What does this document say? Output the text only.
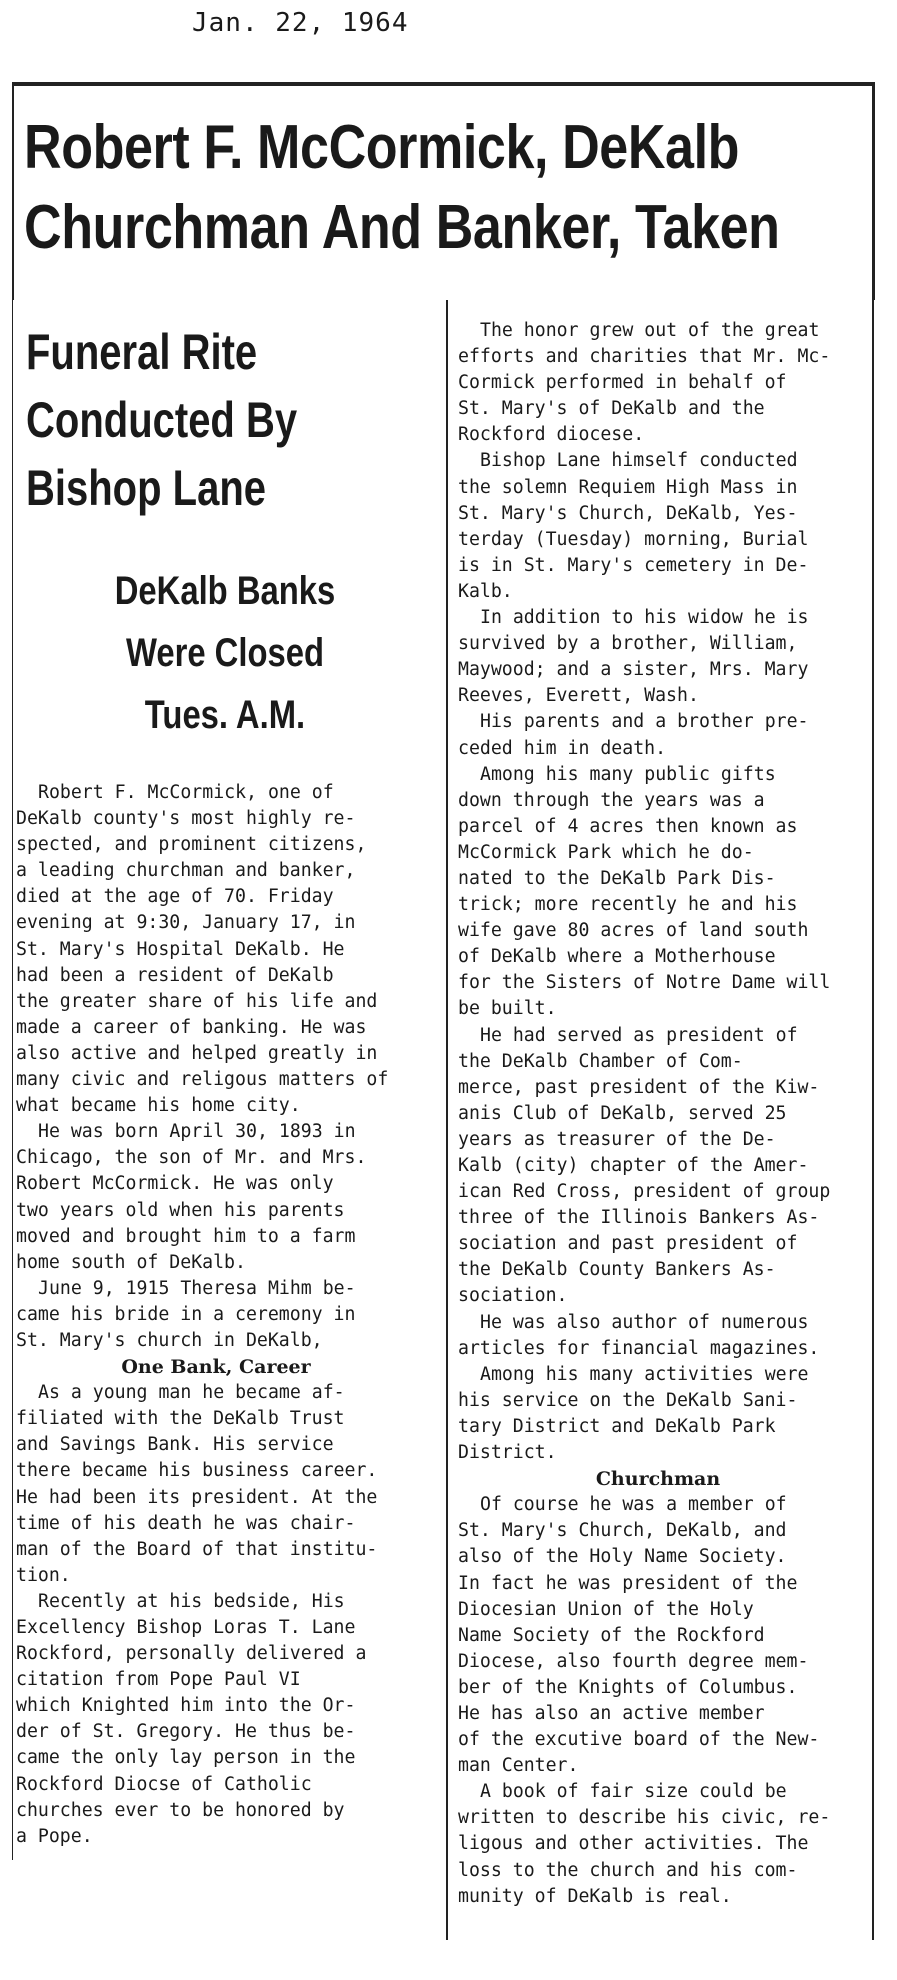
Jan. 22, 1964
Robert F. McCormick, DeKalb
Churchman And Banker, Taken
Funeral Rite
Conducted By
Bishop Lane
DeKalb Banks
Were Closed
Tues. A.M.
Robert F. McCormick, one of
DeKalb county's most highly re-
spected, and prominent citizens,
a leading churchman and banker,
died at the age of 70. Friday
evening at 9:30, January 17, in
St. Mary's Hospital DeKalb. He
had been a resident of DeKalb
the greater share of his life and
made a career of banking. He was
also active and helped greatly in
many civic and religous matters of
what became his home city.
He was born April 30, 1893 in
Chicago, the son of Mr. and Mrs.
Robert McCormick. He was only
two years old when his parents
moved and brought him to a farm
home south of DeKalb.
June 9, 1915 Theresa Mihm be-
came his bride in a ceremony in
St. Mary's church in DeKalb,
One Bank, Career
As a young man he became af-
filiated with the DeKalb Trust
and Savings Bank. His service
there became his business career.
He had been its president. At the
time of his death he was chair-
man of the Board of that institu-
tion.
Recently at his bedside, His
Excellency Bishop Loras T. Lane
Rockford, personally delivered a
citation from Pope Paul VI
which Knighted him into the Or-
der of St. Gregory. He thus be-
came the only lay person in the
Rockford Diocse of Catholic
churches ever to be honored by
a Pope.
The honor grew out of the great
efforts and charities that Mr. Mc-
Cormick performed in behalf of
St. Mary's of DeKalb and the
Rockford diocese.
Bishop Lane himself conducted
the solemn Requiem High Mass in
St. Mary's Church, DeKalb, Yes-
terday (Tuesday) morning, Burial
is in St. Mary's cemetery in De-
Kalb.
In addition to his widow he is
survived by a brother, William,
Maywood; and a sister, Mrs. Mary
Reeves, Everett, Wash.
His parents and a brother pre-
ceded him in death.
Among his many public gifts
down through the years was a
parcel of 4 acres then known as
McCormick Park which he do-
nated to the DeKalb Park Dis-
trick; more recently he and his
wife gave 80 acres of land south
of DeKalb where a Motherhouse
for the Sisters of Notre Dame will
be built.
He had served as president of
the DeKalb Chamber of Com-
merce, past president of the Kiw-
anis Club of DeKalb, served 25
years as treasurer of the De-
Kalb (city) chapter of the Amer-
ican Red Cross, president of group
three of the Illinois Bankers As-
sociation and past president of
the DeKalb County Bankers As-
sociation.
He was also author of numerous
articles for financial magazines.
Among his many activities were
his service on the DeKalb Sani-
tary District and DeKalb Park
District.
Churchman
Of course he was a member of
St. Mary's Church, DeKalb, and
also of the Holy Name Society.
In fact he was president of the
Diocesian Union of the Holy
Name Society of the Rockford
Diocese, also fourth degree mem-
ber of the Knights of Columbus.
He has also an active member
of the excutive board of the New-
man Center.
A book of fair size could be
written to describe his civic, re-
ligous and other activities. The
loss to the church and his com-
munity of DeKalb is real.
